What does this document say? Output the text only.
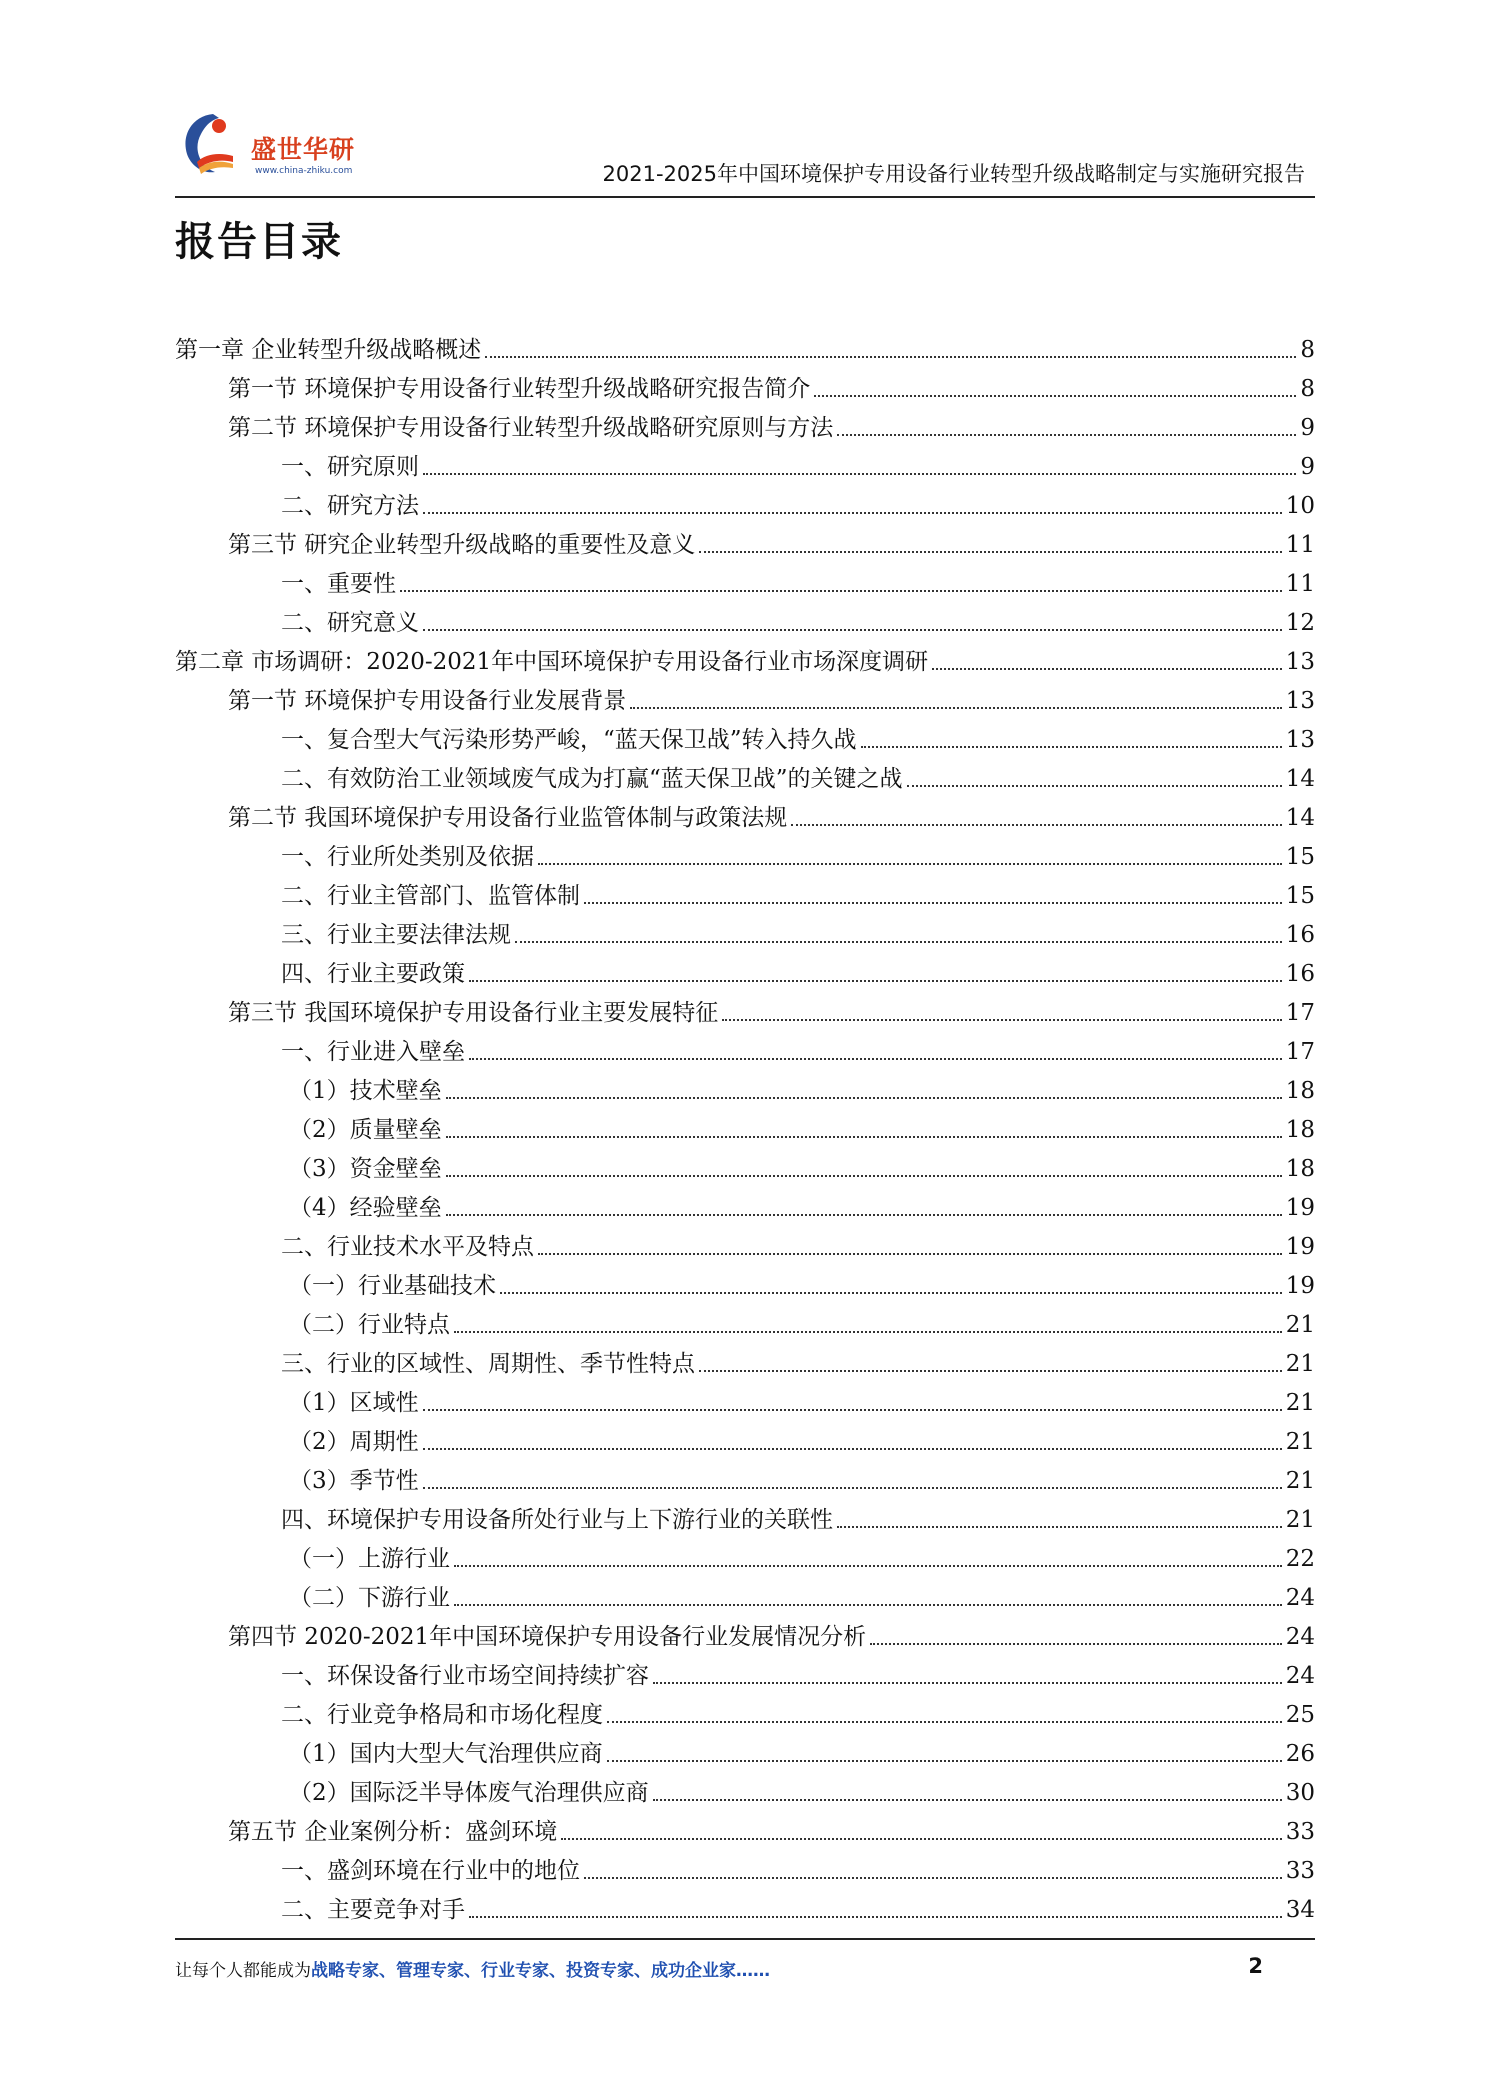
盛世华研
www.china-zhiku.com	2021-2025年中国环境保护专用设备行业转型升级战略制定与实施研究报告
报告目录
第一章 企业转型升级战略概述	8
第一节 环境保护专用设备行业转型升级战略研究报告简介	8
第二节 环境保护专用设备行业转型升级战略研究原则与方法	9
一、研究原则	9
二、研究方法	10
第三节 研究企业转型升级战略的重要性及意义	11
一、重要性	11
二、研究意义	12
第二章 市场调研：2020-2021年中国环境保护专用设备行业市场深度调研	13
第一节 环境保护专用设备行业发展背景	13
一、复合型大气污染形势严峻，“蓝天保卫战”转入持久战	13
二、有效防治工业领域废气成为打赢“蓝天保卫战”的关键之战	14
第二节 我国环境保护专用设备行业监管体制与政策法规	14
一、行业所处类别及依据	15
二、行业主管部门、监管体制	15
三、行业主要法律法规	16
四、行业主要政策	16
第三节 我国环境保护专用设备行业主要发展特征	17
一、行业进入壁垒	17
（1）技术壁垒	18
（2）质量壁垒	18
（3）资金壁垒	18
（4）经验壁垒	19
二、行业技术水平及特点	19
（一）行业基础技术	19
（二）行业特点	21
三、行业的区域性、周期性、季节性特点	21
（1）区域性	21
（2）周期性	21
（3）季节性	21
四、环境保护专用设备所处行业与上下游行业的关联性	21
（一）上游行业	22
（二）下游行业	24
第四节 2020-2021年中国环境保护专用设备行业发展情况分析	24
一、环保设备行业市场空间持续扩容	24
二、行业竞争格局和市场化程度	25
（1）国内大型大气治理供应商	26
（2）国际泛半导体废气治理供应商	30
第五节 企业案例分析：盛剑环境	33
一、盛剑环境在行业中的地位	33
二、主要竞争对手	34
让每个人都能成为战略专家、管理专家、行业专家、投资专家、成功企业家……	2
